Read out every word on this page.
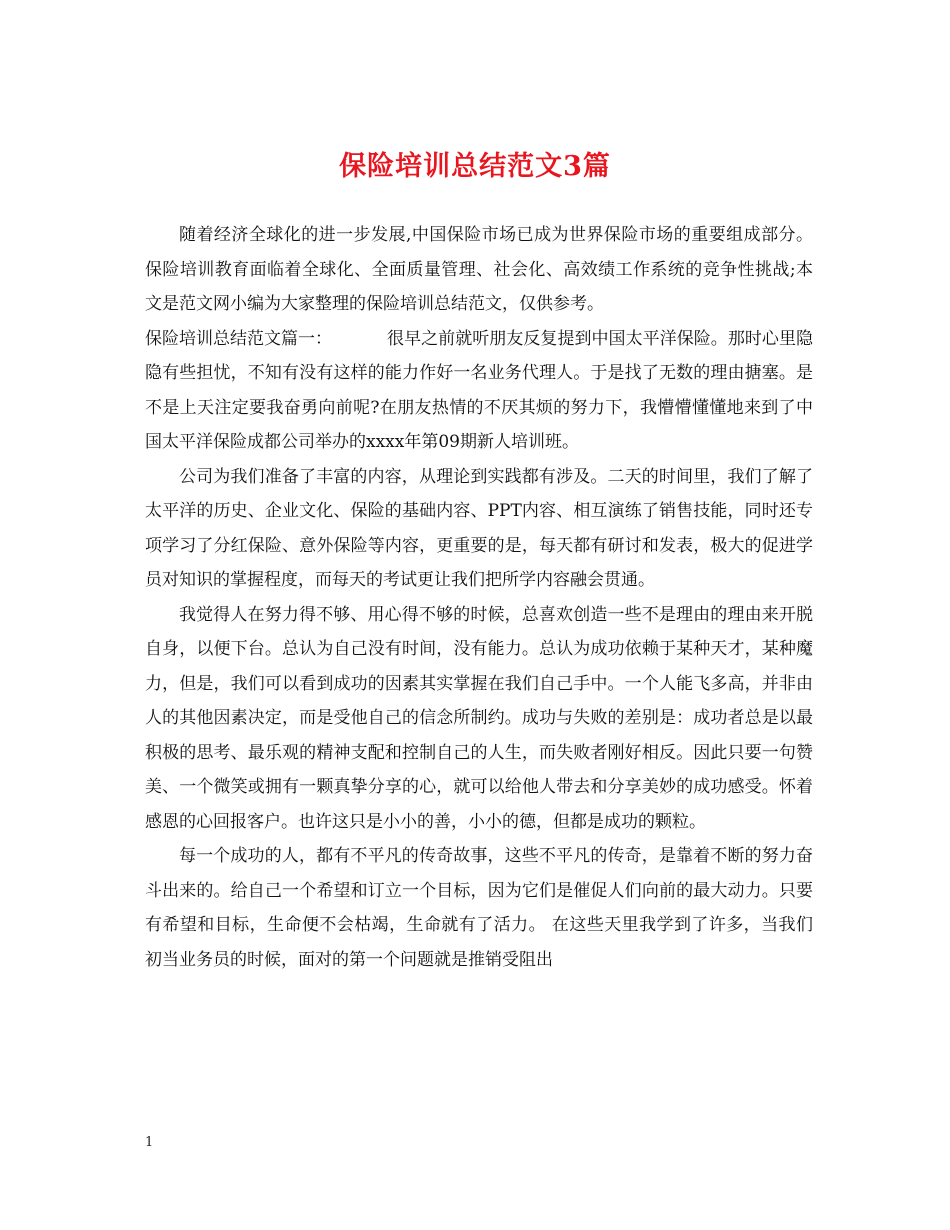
保险培训总结范文3篇

随着经济全球化的进一步发展,中国保险市场已成为世界保险市场的重要组成部分。保险培训教育面临着全球化、全面质量管理、社会化、高效绩工作系统的竞争性挑战;本文是范文网小编为大家整理的保险培训总结范文，仅供参考。

保险培训总结范文篇一：	很早之前就听朋友反复提到中国太平洋保险。那时心里隐隐有些担忧，不知有没有这样的能力作好一名业务代理人。于是找了无数的理由搪塞。是不是上天注定要我奋勇向前呢?在朋友热情的不厌其烦的努力下，我懵懵懂懂地来到了中国太平洋保险成都公司举办的xxxx年第09期新人培训班。

公司为我们准备了丰富的内容，从理论到实践都有涉及。二天的时间里，我们了解了太平洋的历史、企业文化、保险的基础内容、PPT内容、相互演练了销售技能，同时还专项学习了分红保险、意外保险等内容，更重要的是，每天都有研讨和发表，极大的促进学员对知识的掌握程度，而每天的考试更让我们把所学内容融会贯通。

我觉得人在努力得不够、用心得不够的时候，总喜欢创造一些不是理由的理由来开脱自身，以便下台。总认为自己没有时间，没有能力。总认为成功依赖于某种天才，某种魔力，但是，我们可以看到成功的因素其实掌握在我们自己手中。一个人能飞多高，并非由人的其他因素决定，而是受他自己的信念所制约。成功与失败的差别是：成功者总是以最积极的思考、最乐观的精神支配和控制自己的人生，而失败者刚好相反。因此只要一句赞美、一个微笑或拥有一颗真挚分享的心，就可以给他人带去和分享美妙的成功感受。怀着感恩的心回报客户。也许这只是小小的善，小小的德，但都是成功的颗粒。

每一个成功的人，都有不平凡的传奇故事，这些不平凡的传奇，是靠着不断的努力奋斗出来的。给自己一个希望和订立一个目标，因为它们是催促人们向前的最大动力。只要有希望和目标，生命便不会枯竭，生命就有了活力。 在这些天里我学到了许多，当我们初当业务员的时候，面对的第一个问题就是推销受阻出

1
